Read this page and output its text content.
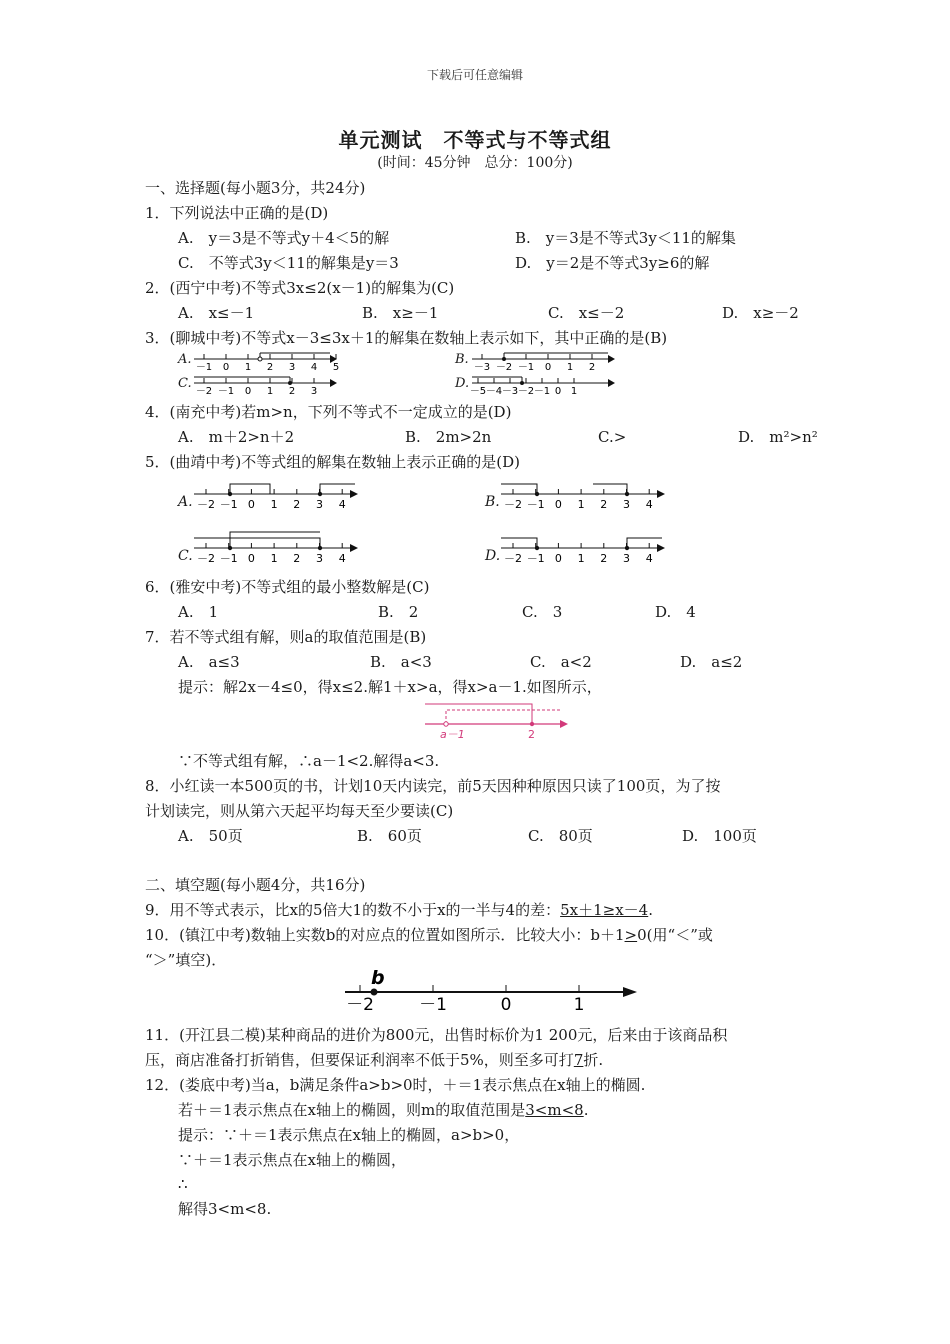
下载后可任意编辑
单元测试　不等式与不等式组
(时间：45分钟　总分：100分)
一、选择题(每小题3分，共24分)
1．下列说法中正确的是(D)
A.　y＝3是不等式y＋4＜5的解	B.　y＝3是不等式3y＜11的解集
C.　不等式3y＜11的解集是y＝3	D.　y＝2是不等式3y≥6的解
2．(西宁中考)不等式3x≤2(x－1)的解集为(C)
A.　x≤－1	B.　x≥－1	C.　x≤－2	D.　x≥－2
3．(聊城中考)不等式x－3≤3x＋1的解集在数轴上表示如下，其中正确的是(B)
A.
－1 0 1 2 3 4 5
B.
－3 －2 －1 0 1 2
C.
－2 －1 0 1 2 3
D.
－5 －4 －3 －2 －1 0 1
4．(南充中考)若m>n，下列不等式不一定成立的是(D)
A.　m＋2>n＋2	B.　2m>2n	C.>	D.　m²>n²
5．(曲靖中考)不等式组的解集在数轴上表示正确的是(D)
A. －2 －1 0 1 2 3 4	B. －2 －1 0 1 2 3 4
C. －2 －1 0 1 2 3 4	D. －2 －1 0 1 2 3 4
6．(雅安中考)不等式组的最小整数解是(C)
A.　1	B.　2	C.　3	D.　4
7．若不等式组有解，则a的取值范围是(B)
A.　a≤3	B.　a<3	C.　a<2	D.　a≤2
提示：解2x－4≤0，得x≤2.解1＋x>a，得x>a－1.如图所示，
a－1	2
∵不等式组有解，∴a－1<2.解得a<3.
8．小红读一本500页的书，计划10天内读完，前5天因种种原因只读了100页，为了按
计划读完，则从第六天起平均每天至少要读(C)
A.　50页	B.　60页	C.　80页	D.　100页
二、填空题(每小题4分，共16分)
9．用不等式表示，比x的5倍大1的数不小于x的一半与4的差：5x＋1≥x－4.
10．(镇江中考)数轴上实数b的对应点的位置如图所示．比较大小：b＋1>0(用“＜”或
“＞”填空)．
b
－2	－1	0	1
11．(开江县二模)某种商品的进价为800元，出售时标价为1 200元，后来由于该商品积
压，商店准备打折销售，但要保证利润率不低于5%，则至多可打7折.
12．(娄底中考)当a，b满足条件a>b>0时，＋＝1表示焦点在x轴上的椭圆.
若＋＝1表示焦点在x轴上的椭圆，则m的取值范围是3<m<8.
提示：∵＋＝1表示焦点在x轴上的椭圆，a>b>0，
∵＋＝1表示焦点在x轴上的椭圆，
∴
解得3<m<8.
